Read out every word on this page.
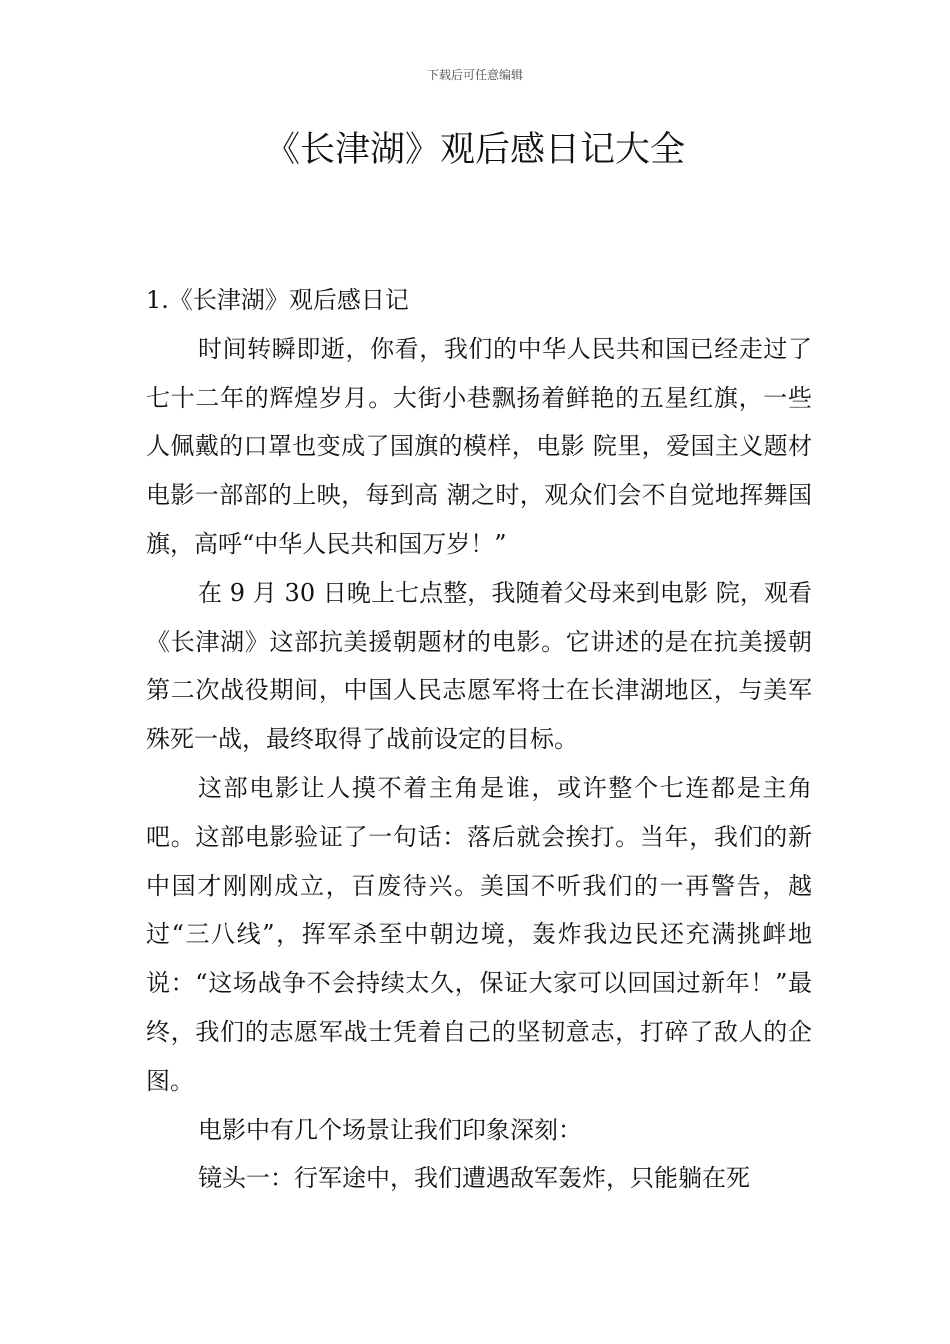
下载后可任意编辑
《长津湖》观后感日记大全

1.《长津湖》观后感日记

时间转瞬即逝，你看，我们的中华人民共和国已经走过了七十二年的辉煌岁月。大街小巷飘扬着鲜艳的五星红旗，一些人佩戴的口罩也变成了国旗的模样，电影 院里，爱国主义题材电影一部部的上映，每到高 潮之时，观众们会不自觉地挥舞国旗，高呼“中华人民共和国万岁！”

在 9 月 30 日晚上七点整，我随着父母来到电影 院，观看《长津湖》这部抗美援朝题材的电影。它讲述的是在抗美援朝第二次战役期间，中国人民志愿军将士在长津湖地区，与美军殊死一战，最终取得了战前设定的目标。

这部电影让人摸不着主角是谁，或许整个七连都是主角吧。这部电影验证了一句话：落后就会挨打。当年，我们的新中国才刚刚成立，百废待兴。美国不听我们的一再警告，越过“三八线”，挥军杀至中朝边境，轰炸我边民还充满挑衅地说：“这场战争不会持续太久，保证大家可以回国过新年！”最终，我们的志愿军战士凭着自己的坚韧意志，打碎了敌人的企图。

电影中有几个场景让我们印象深刻：

镜头一：行军途中，我们遭遇敌军轰炸，只能躺在死
